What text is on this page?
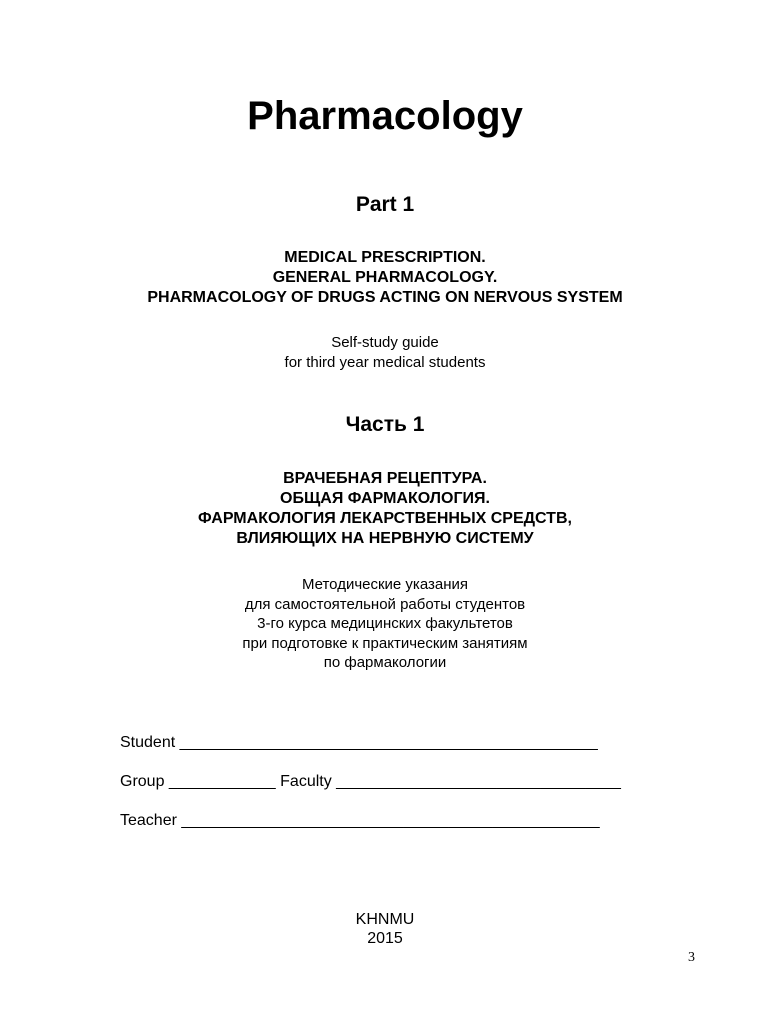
Pharmacology
Part 1
MEDICAL PRESCRIPTION.
GENERAL PHARMACOLOGY.
PHARMACOLOGY OF DRUGS ACTING ON NERVOUS SYSTEM
Self-study guide
for third year medical students
Часть 1
ВРАЧЕБНАЯ РЕЦЕПТУРА.
ОБЩАЯ ФАРМАКОЛОГИЯ.
ФАРМАКОЛОГИЯ ЛЕКАРСТВЕННЫХ СРЕДСТВ,
ВЛИЯЮЩИХ НА НЕРВНУЮ СИСТЕМУ
Методические указания
для самостоятельной работы студентов
3-го курса медицинских факультетов
при подготовке к практическим занятиям
по фармакологии
Student _______________________________________________
Group ____________ Faculty ________________________________
Teacher _______________________________________________
KHNMU
2015
3
